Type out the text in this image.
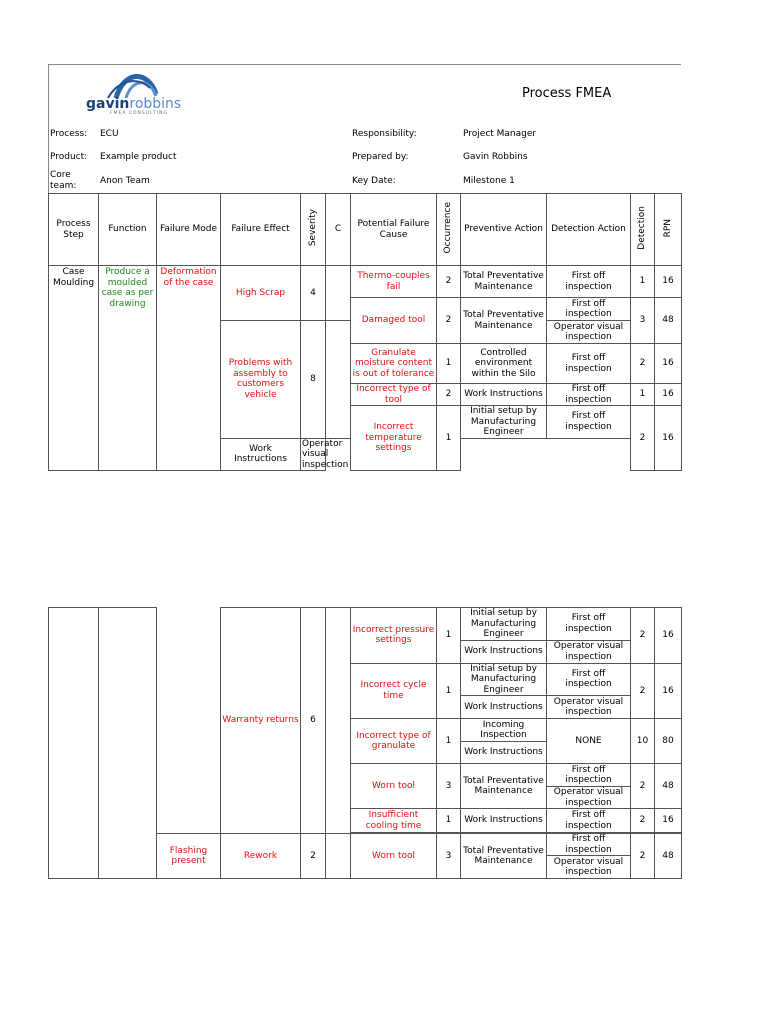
gavinrobbins
FMEA CONSULTING
Process FMEA
Process: ECU
Product: Example product
Core team:	Anon Team
Responsibility:	Project Manager
Prepared by:	Gavin Robbins
Key Date:	Milestone 1
Process Step	Function	Failure Mode	Failure Effect	Severity	C	Potential Failure Cause	Occurrence	Preventive Action	Detection Action	Detection	RPN
Case Moulding	Produce a moulded case as per drawing	Deformation of the case	High Scrap	4		Thermo-couples fail	2	Total Preventative Maintenance	First off inspection	1	16
						Damaged tool	2	Total Preventative Maintenance	First off inspection	3	48
			Problems with assembly to customers vehicle	8					Operator visual inspection		
						Granulate moisture content is out of tolerance	1	Controlled environment within the Silo	First off inspection	2	16
						Incorrect type of tool	2	Work Instructions	First off inspection	1	16
						Incorrect temperature settings	1	Initial setup by Manufacturing Engineer	First off inspection	2	16
			Work Instructions	Operator visual inspection							
			Warranty returns	6		Incorrect pressure settings	1	Initial setup by Manufacturing Engineer	First off inspection	2	16
								Work Instructions	Operator visual inspection		
						Incorrect cycle time	1	Initial setup by Manufacturing Engineer	First off inspection	2	16
								Work Instructions	Operator visual inspection		
						Incorrect type of granulate	1	Incoming Inspection	NONE	10	80
								Work Instructions			
						Worn tool	3	Total Preventative Maintenance	First off inspection	2	48
									Operator visual inspection		
						Insufficient cooling time	1	Work Instructions	First off inspection	2	16

		Flashing present	Rework	2		Worn tool	3	Total Preventative Maintenance	First off inspection	2	48
									Operator visual inspection		
